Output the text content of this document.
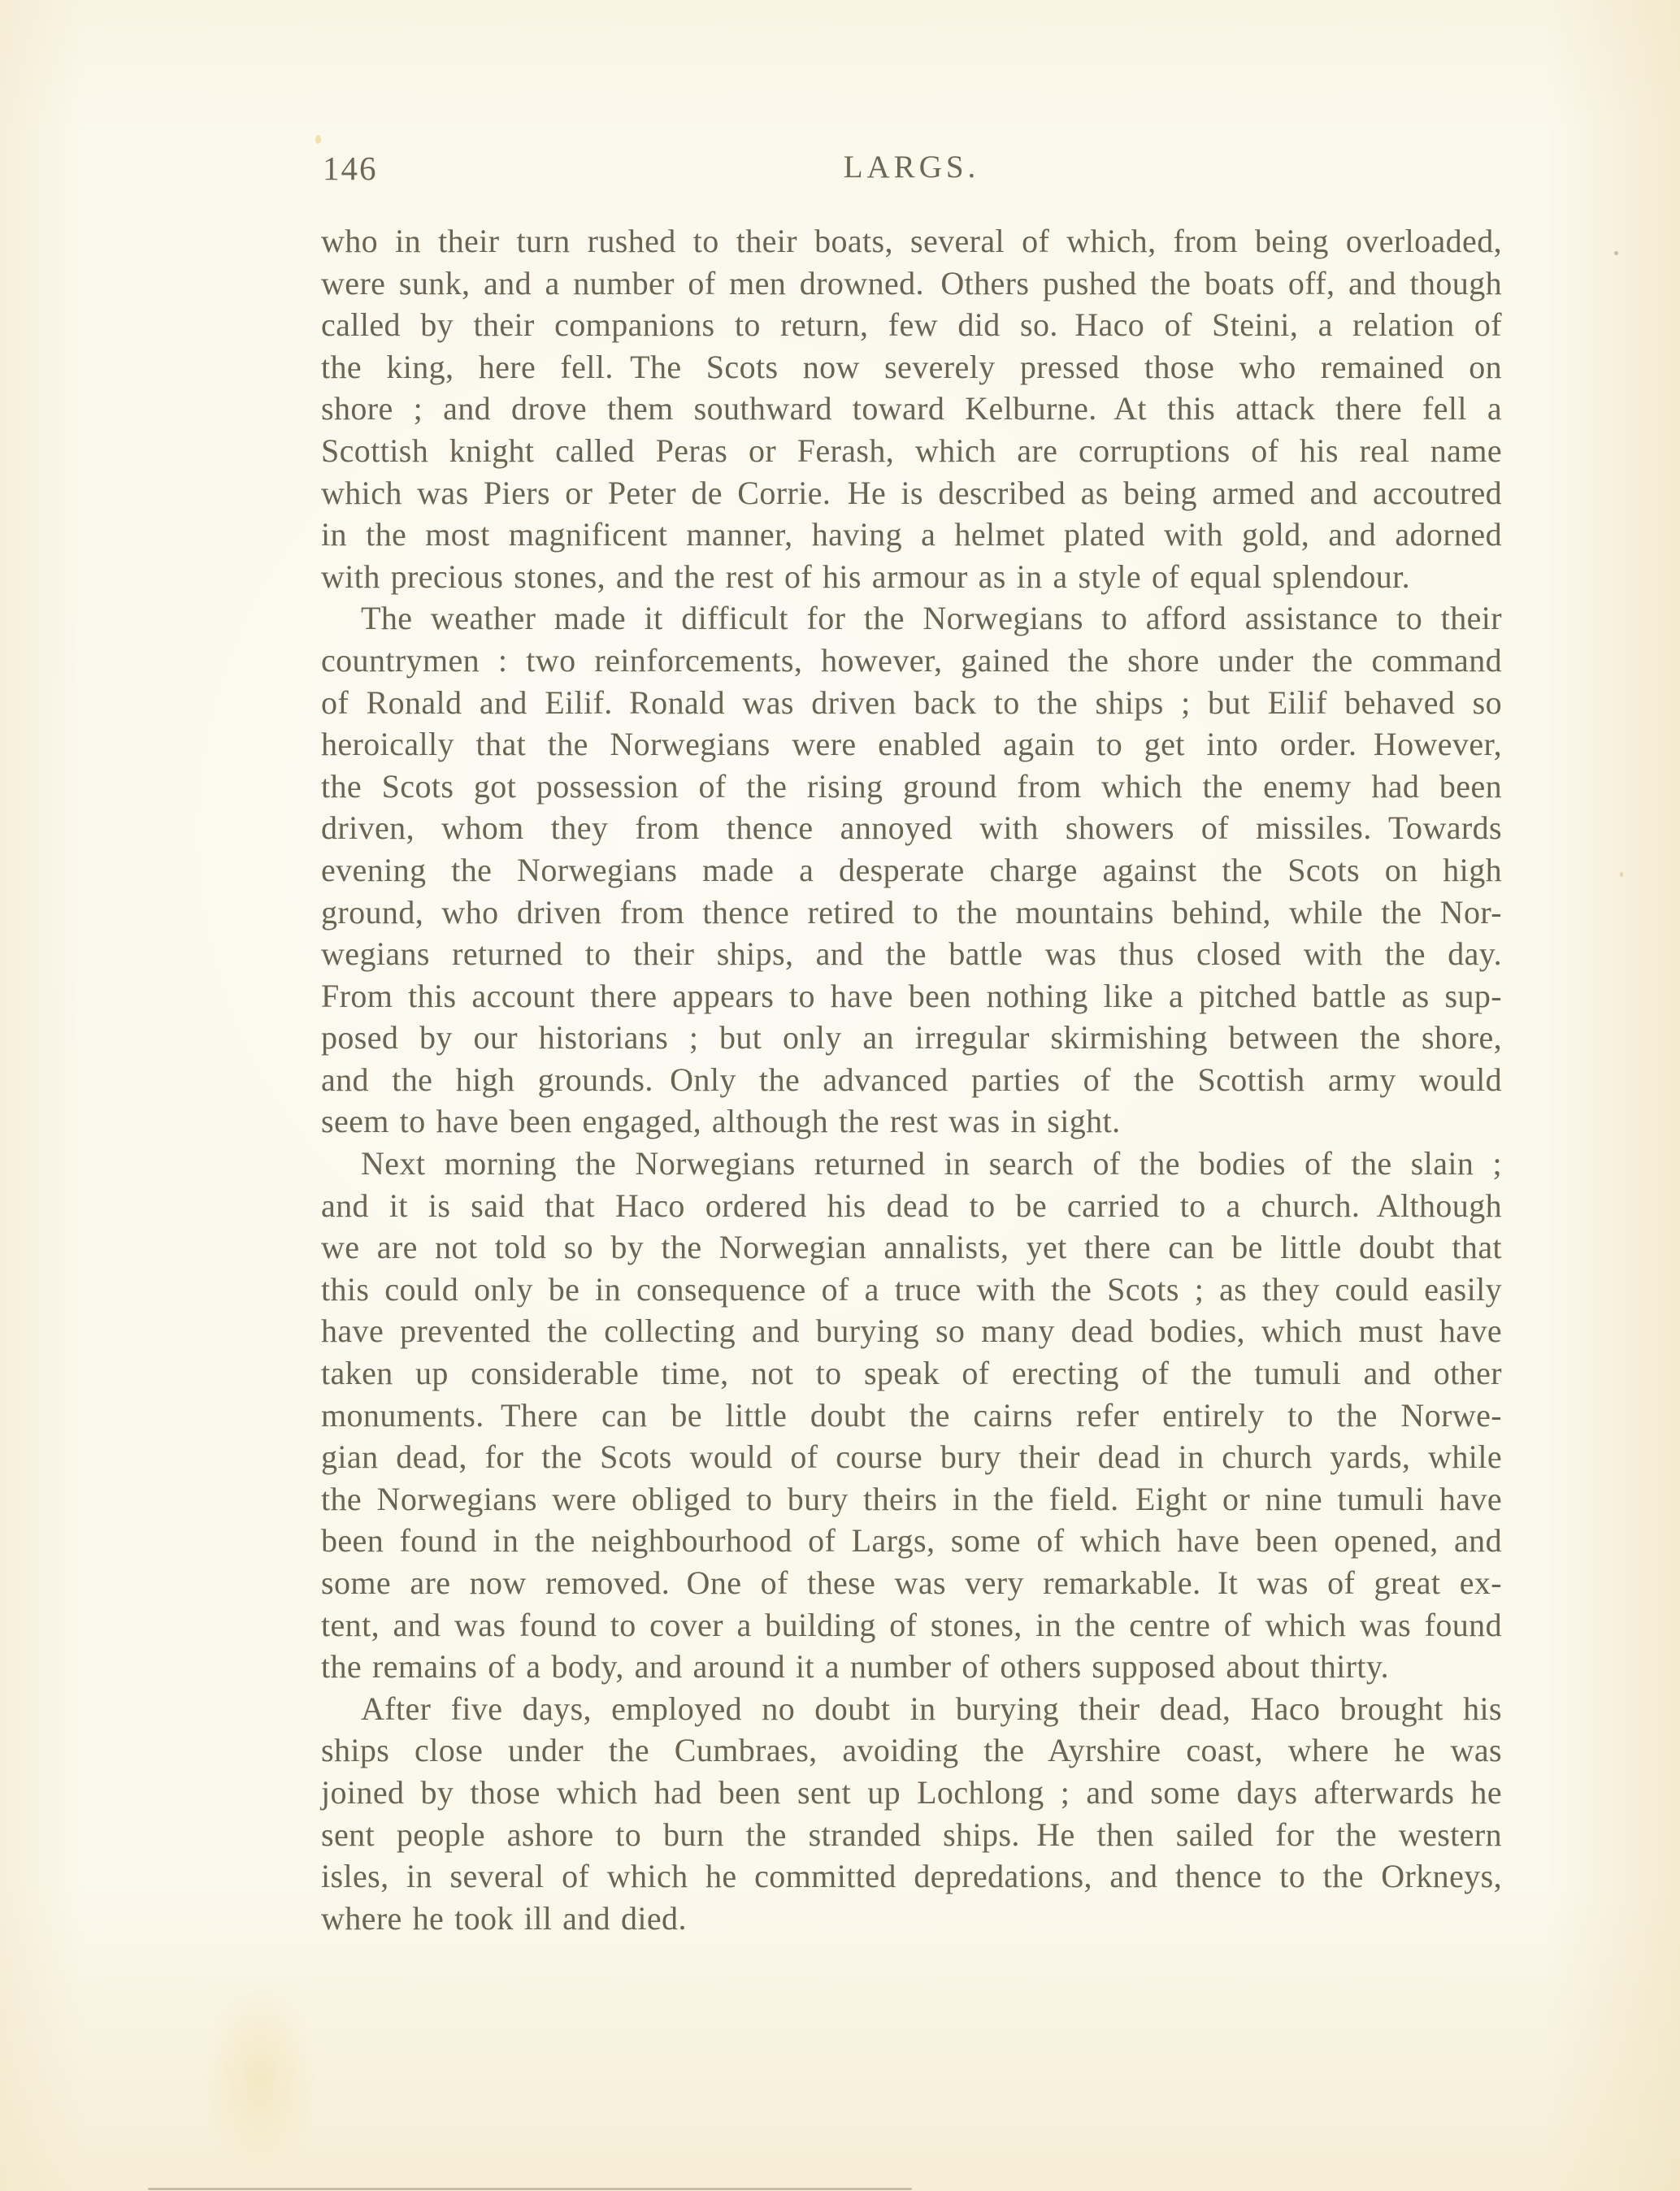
146	LARGS.
who in their turn rushed to their boats, several of which, from being overloaded,
were sunk, and a number of men drowned. Others pushed the boats off, and though
called by their companions to return, few did so. Haco of Steini, a relation of
the king, here fell. The Scots now severely pressed those who remained on
shore ; and drove them southward toward Kelburne. At this attack there fell a
Scottish knight called Peras or Ferash, which are corruptions of his real name
which was Piers or Peter de Corrie. He is described as being armed and accoutred
in the most magnificent manner, having a helmet plated with gold, and adorned
with precious stones, and the rest of his armour as in a style of equal splendour.
The weather made it difficult for the Norwegians to afford assistance to their
countrymen : two reinforcements, however, gained the shore under the command
of Ronald and Eilif. Ronald was driven back to the ships ; but Eilif behaved so
heroically that the Norwegians were enabled again to get into order. However,
the Scots got possession of the rising ground from which the enemy had been
driven, whom they from thence annoyed with showers of missiles. Towards
evening the Norwegians made a desperate charge against the Scots on high
ground, who driven from thence retired to the mountains behind, while the Nor-
wegians returned to their ships, and the battle was thus closed with the day.
From this account there appears to have been nothing like a pitched battle as sup-
posed by our historians ; but only an irregular skirmishing between the shore,
and the high grounds. Only the advanced parties of the Scottish army would
seem to have been engaged, although the rest was in sight.
Next morning the Norwegians returned in search of the bodies of the slain ;
and it is said that Haco ordered his dead to be carried to a church. Although
we are not told so by the Norwegian annalists, yet there can be little doubt that
this could only be in consequence of a truce with the Scots ; as they could easily
have prevented the collecting and burying so many dead bodies, which must have
taken up considerable time, not to speak of erecting of the tumuli and other
monuments. There can be little doubt the cairns refer entirely to the Norwe-
gian dead, for the Scots would of course bury their dead in church yards, while
the Norwegians were obliged to bury theirs in the field. Eight or nine tumuli have
been found in the neighbourhood of Largs, some of which have been opened, and
some are now removed. One of these was very remarkable. It was of great ex-
tent, and was found to cover a building of stones, in the centre of which was found
the remains of a body, and around it a number of others supposed about thirty.
After five days, employed no doubt in burying their dead, Haco brought his
ships close under the Cumbraes, avoiding the Ayrshire coast, where he was
joined by those which had been sent up Lochlong ; and some days afterwards he
sent people ashore to burn the stranded ships. He then sailed for the western
isles, in several of which he committed depredations, and thence to the Orkneys,
where he took ill and died.
